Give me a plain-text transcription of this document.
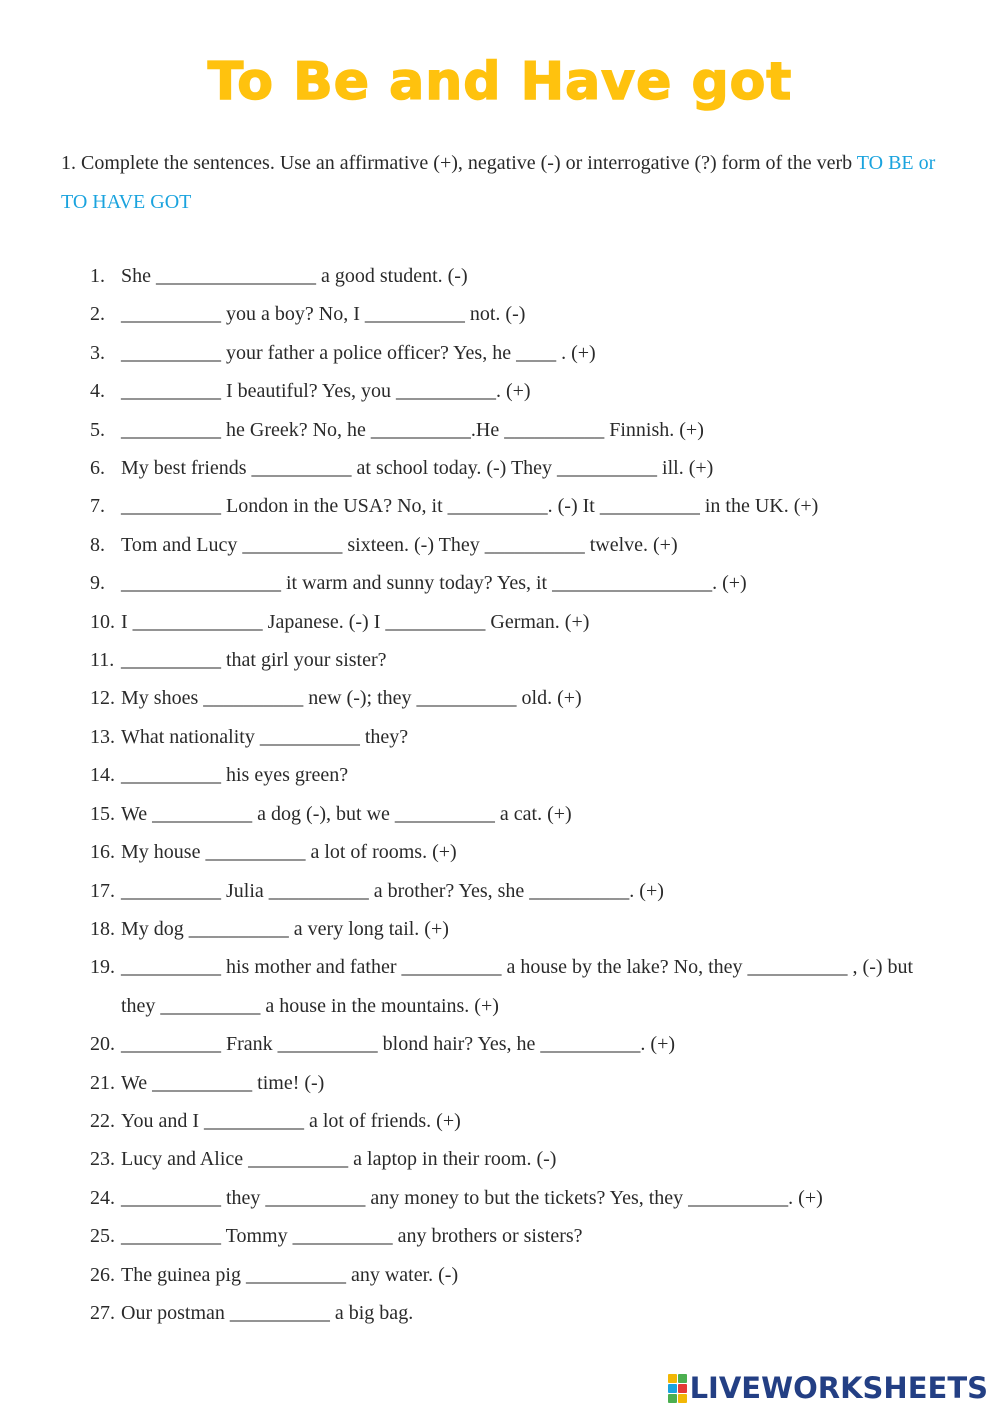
To Be and Have got
1. Complete the sentences. Use an affirmative (+), negative (-) or interrogative (?) form of the verb TO BE or TO HAVE GOT
1. She ________________ a good student. (-)
2. __________ you a boy? No, I __________ not. (-)
3. __________ your father a police officer? Yes, he ____ . (+)
4. __________ I beautiful? Yes, you __________. (+)
5. __________ he Greek? No, he __________.He __________ Finnish. (+)
6. My best friends __________ at school today. (-) They __________ ill. (+)
7. __________ London in the USA? No, it __________. (-) It __________ in the UK. (+)
8. Tom and Lucy __________ sixteen. (-) They __________ twelve. (+)
9. ________________ it warm and sunny today? Yes, it ________________. (+)
10. I _____________ Japanese. (-) I __________ German. (+)
11. __________ that girl your sister?
12. My shoes __________ new (-); they __________ old. (+)
13. What nationality __________ they?
14. __________ his eyes green?
15. We __________ a dog (-), but we __________ a cat. (+)
16. My house __________ a lot of rooms. (+)
17. __________ Julia __________ a brother? Yes, she __________. (+)
18. My dog __________ a very long tail. (+)
19. __________ his mother and father __________ a house by the lake? No, they __________ , (-) but they __________ a house in the mountains. (+)
20. __________ Frank __________ blond hair? Yes, he __________. (+)
21. We __________ time! (-)
22. You and I __________ a lot of friends. (+)
23. Lucy and Alice __________ a laptop in their room. (-)
24. __________ they __________ any money to but the tickets? Yes, they __________. (+)
25. __________ Tommy __________ any brothers or sisters?
26. The guinea pig __________ any water. (-)
27. Our postman __________ a big bag.
LIVEWORKSHEETS
